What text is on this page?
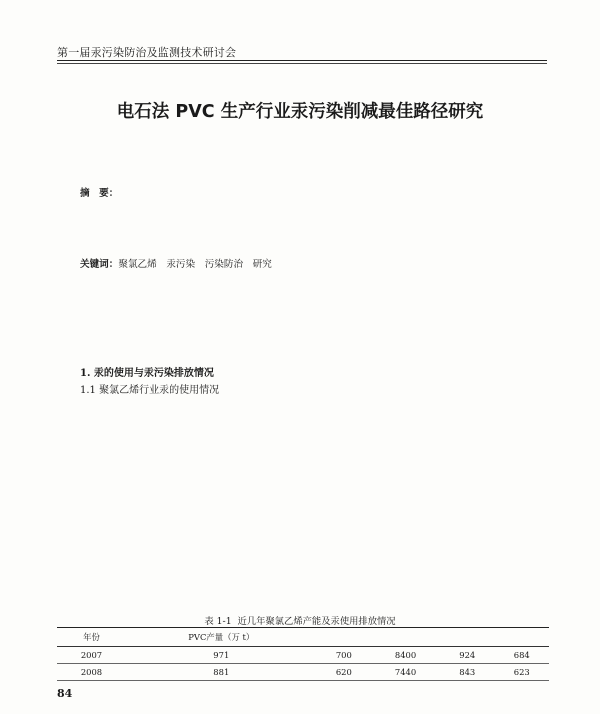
第一届汞污染防治及监测技术研讨会
电石法 PVC 生产行业汞污染削减最佳路径研究
摘　要：
关键词：聚氯乙烯　汞污染　污染防治　研究
1. 汞的使用与汞污染排放情况
1.1 聚氯乙烯行业汞的使用情况
表 1-1 近几年聚氯乙烯产能及汞使用排放情况
年份	PVC产量（万 t）				
2007	971	700	8400	924	684
2008	881	620	7440	843	623
84
